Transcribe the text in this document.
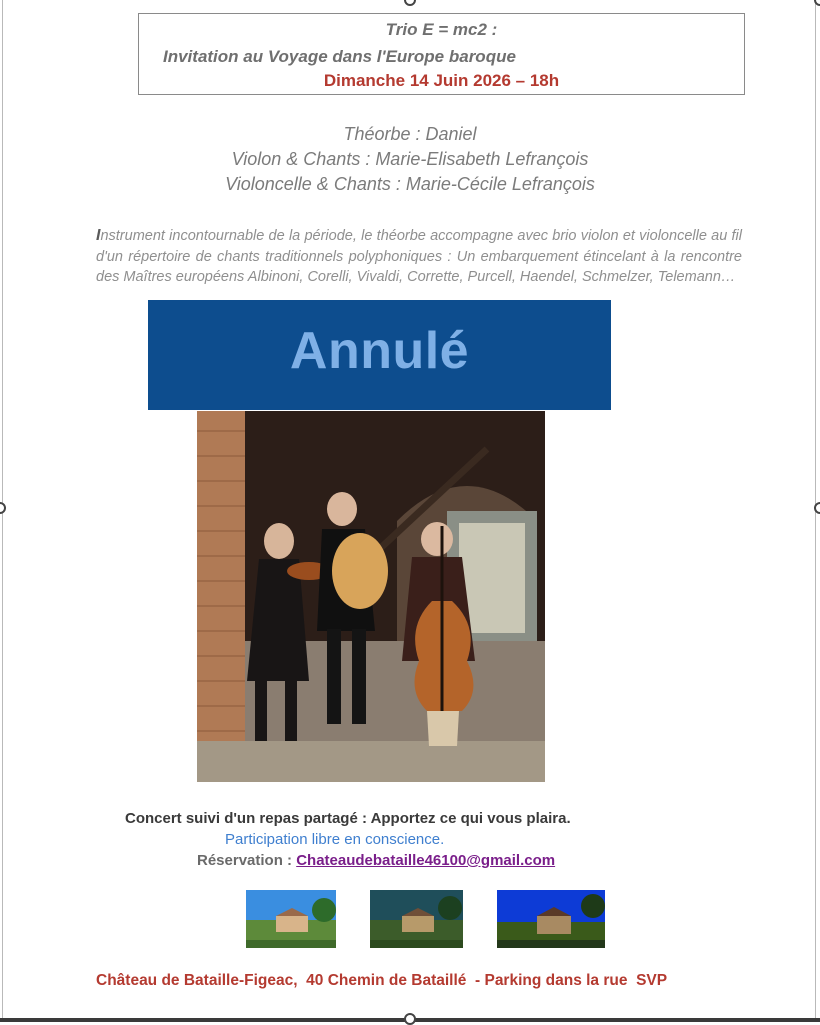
Trio E = mc2 :
Invitation au Voyage dans l'Europe baroque
Dimanche 14 Juin 2026 – 18h
Théorbe : Daniel
Violon & Chants : Marie-Elisabeth Lefrançois
Violoncelle & Chants : Marie-Cécile Lefrançois
Instrument incontournable de la période, le théorbe accompagne avec brio violon et violoncelle au fil d'un répertoire de chants traditionnels polyphoniques : Un embarquement étincelant à la rencontre des Maîtres européens Albinoni, Corelli, Vivaldi, Corrette, Purcell, Haendel, Schmelzer, Telemann…
Annulé
Concert suivi d'un repas partagé : Apportez ce qui vous plaira.
Participation libre en conscience.
Réservation : Chateaudebataille46100@gmail.com
Château de Bataille-Figeac,  40 Chemin de Bataillé  - Parking dans la rue  SVP
